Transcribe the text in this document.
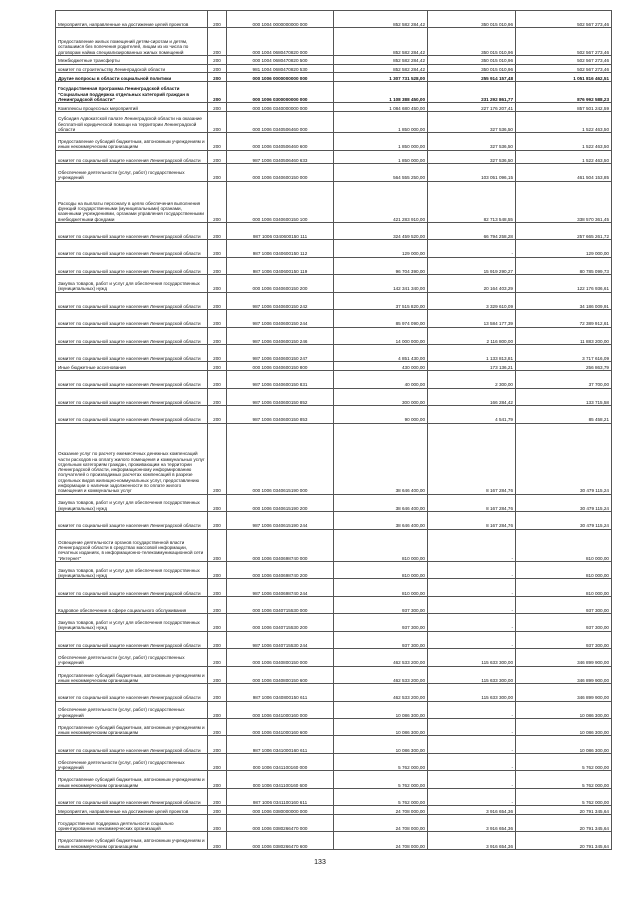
Мероприятия, направленные на достижение целей проектов	200	000 1004 0000000000 000	852 582 284,42	350 015 010,96	502 567 273,46
Предоставление жилых помещений детям-сиротам и детям, оставшимся без попечения родителей, лицам из их числа по договорам найма специализированных жилых помещений	200	000 1004 0680470820 000	852 582 284,42	350 015 010,96	502 567 273,46
Межбюджетные трансферты	200	000 1004 0680470820 500	852 582 284,42	350 015 010,96	502 567 273,46
комитет по строительству Ленинградской области	200	981 1004 0680470820 530	852 582 284,42	350 015 010,96	502 567 273,46
Другие вопросы в области социальной политики	200	000 1006 0000000000 000	1 307 731 528,00	255 914 157,48	1 051 816 462,51
Государственная программа Ленинградской области "Социальная поддержка отдельных категорий граждан в Ленинградской области"	200	000 1006 0300000000 000	1 108 388 450,00	231 292 861,77	876 992 588,23
Комплексы процессных мероприятий	200	000 1006 0340000000 000	1 084 680 450,00	227 176 207,41	857 501 242,59
Субсидия Адвокатской палате Ленинградской области на оказание бесплатной юридической помощи на территории Ленинградской области	200	000 1006 0340506460 000	1 850 000,00	327 536,50	1 522 463,50
Предоставление субсидий бюджетным, автономным учреждениям и иным некоммерческим организациям	200	000 1006 0340506460 600	1 850 000,00	327 536,50	1 522 463,50
комитет по социальной защите населения Ленинградской области	200	987 1006 0340506460 633	1 850 000,00	327 536,50	1 522 463,50
Обеспечение деятельности (услуг, работ) государственных учреждений	200	000 1006 0340600150 000	564 555 250,00	103 051 096,15	461 504 153,85
Расходы на выплаты персоналу в целях обеспечения выполнения функций государственными (муниципальными) органами, казенными учреждениями, органами управления государственными внебюджетными фондами	200	000 1006 0340600150 100	421 283 910,00	82 713 548,55	338 570 361,45
комитет по социальной защите населения Ленинградской области	200	987 1006 0340600150 111	324 459 520,00	66 794 258,28	257 665 261,72
комитет по социальной защите населения Ленинградской области	200	987 1006 0340600150 112	129 000,00	-	129 000,00
комитет по социальной защите населения Ленинградской области	200	987 1006 0340600150 119	96 704 390,00	15 919 290,27	80 785 099,73
Закупка товаров, работ и услуг для обеспечения государственных (муниципальных) нужд	200	000 1006 0340600150 200	142 341 340,00	20 164 403,29	122 176 936,61
комитет по социальной защите населения Ленинградской области	200	987 1006 0340600150 242	37 515 820,00	3 329 610,09	34 186 009,91
комитет по социальной защите населения Ленинградской области	200	987 1006 0340600150 244	85 974 090,00	13 584 177,39	72 389 912,61
комитет по социальной защите населения Ленинградской области	200	987 1006 0340600150 246	14 000 000,00	2 116 800,00	11 883 200,00
комитет по социальной защите населения Ленинградской области	200	987 1006 0340600150 247	4 851 430,00	1 133 813,81	3 717 616,09
Иные бюджетные ассигнования	200	000 1006 0340600150 800	430 000,00	173 136,21	256 863,79
комитет по социальной защите населения Ленинградской области	200	987 1006 0340600150 831	40 000,00	2 300,00	37 700,00
комитет по социальной защите населения Ленинградской области	200	987 1006 0340600150 852	300 000,00	166 284,42	133 715,58
комитет по социальной защите населения Ленинградской области	200	987 1006 0340600150 853	90 000,00	4 541,79	85 458,21
Оказание услуг по расчету ежемесячных денежных компенсаций части расходов на оплату жилого помещения и коммунальных услуг отдельным категориям граждан, проживающим на территории Ленинградской области, информационному информированию получателей о производимых расчетах компенсаций в разрезе отдельных видов жилищно-коммунальных услуг, предоставлению информации о наличии задолженности по оплате жилого помещения и коммунальных услуг	200	000 1006 0340615190 000	38 646 400,00	8 167 284,76	30 479 115,24
Закупка товаров, работ и услуг для обеспечения государственных (муниципальных) нужд	200	000 1006 0340615190 200	38 646 400,00	8 167 284,76	30 479 115,24
комитет по социальной защите населения Ленинградской области	200	987 1006 0340615190 244	38 646 400,00	8 167 284,76	30 479 115,24
Освещение деятельности органов государственной власти Ленинградской области в средствах массовой информации, печатных изданиях, в информационно-телекоммуникационной сети "Интернет"	200	000 1006 0340698740 000	810 000,00	-	810 000,00
Закупка товаров, работ и услуг для обеспечения государственных (муниципальных) нужд	200	000 1006 0340698740 200	810 000,00	-	810 000,00
комитет по социальной защите населения Ленинградской области	200	987 1006 0340698740 244	810 000,00	-	810 000,00
Кадровое обеспечение в сфере социального обслуживания	200	000 1006 0340715530 000	937 300,00	-	937 300,00
Закупка товаров, работ и услуг для обеспечения государственных (муниципальных) нужд	200	000 1006 0340715530 200	937 300,00	-	937 300,00
комитет по социальной защите населения Ленинградской области	200	987 1006 0340715530 244	937 300,00	-	937 300,00
Обеспечение деятельности (услуг, работ) государственных учреждений	200	000 1006 0340800150 000	462 533 200,00	115 633 300,00	346 899 900,00
Предоставление субсидий бюджетным, автономным учреждениям и иным некоммерческим организациям	200	000 1006 0340800150 600	462 533 200,00	115 633 300,00	346 899 900,00
комитет по социальной защите населения Ленинградской области	200	987 1006 0340800150 611	462 533 200,00	115 633 300,00	346 899 900,00
Обеспечение деятельности (услуг, работ) государственных учреждений	200	000 1006 0341000160 000	10 086 300,00	-	10 086 300,00
Предоставление субсидий бюджетным, автономным учреждениям и иным некоммерческим организациям	200	000 1006 0341000160 600	10 086 300,00	-	10 086 300,00
комитет по социальной защите населения Ленинградской области	200	987 1006 0341000160 611	10 086 300,00	-	10 086 300,00
Обеспечение деятельности (услуг, работ) государственных учреждений	200	000 1006 0341100160 000	5 762 000,00	-	5 762 000,00
Предоставление субсидий бюджетным, автономным учреждениям и иным некоммерческим организациям	200	000 1006 0341100160 600	5 762 000,00	-	5 762 000,00
комитет по социальной защите населения Ленинградской области	200	987 1006 0341100160 611	5 762 000,00	-	5 762 000,00
Мероприятия, направленные на достижение целей проектов	200	000 1006 0380000000 000	24 708 000,00	3 916 654,36	20 791 345,64
Государственная поддержка деятельности социально ориентированных некоммерческих организаций	200	000 1006 0380266470 000	24 708 000,00	3 916 654,36	20 791 345,64
Предоставление субсидий бюджетным, автономным учреждениям и иным некоммерческим организациям	200	000 1006 0380266470 600	24 708 000,00	3 916 654,36	20 791 345,64
133
